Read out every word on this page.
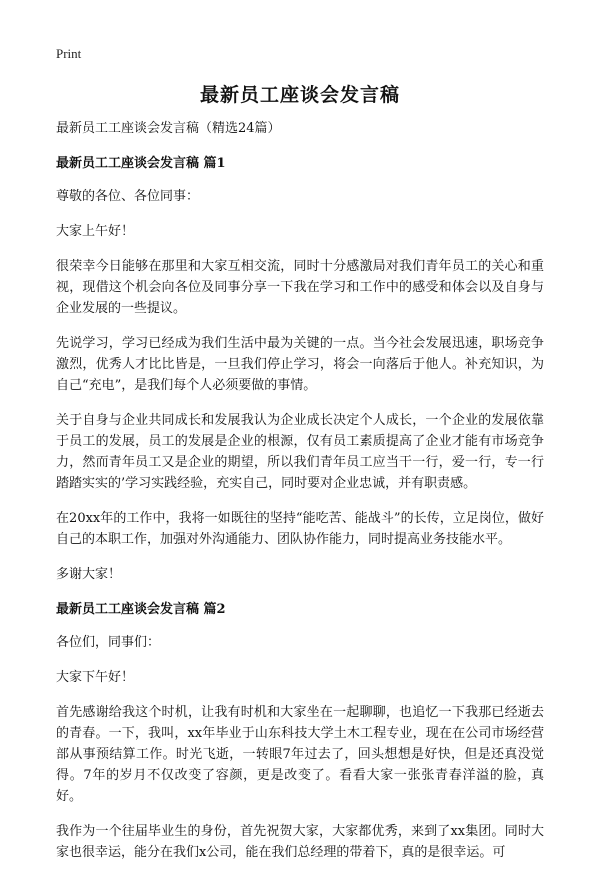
Print
最新员工座谈会发言稿

最新员工工座谈会发言稿（精选24篇）

最新员工工座谈会发言稿 篇1

尊敬的各位、各位同事：

大家上午好！

很荣幸今日能够在那里和大家互相交流，同时十分感激局对我们青年员工的关心和重视，现借这个机会向各位及同事分享一下我在学习和工作中的感受和体会以及自身与企业发展的一些提议。

先说学习，学习已经成为我们生活中最为关键的一点。当今社会发展迅速，职场竞争激烈，优秀人才比比皆是，一旦我们停止学习，将会一向落后于他人。补充知识，为自己“充电”，是我们每个人必须要做的事情。

关于自身与企业共同成长和发展我认为企业成长决定个人成长，一个企业的发展依靠于员工的发展，员工的发展是企业的根源，仅有员工素质提高了企业才能有市场竞争力，然而青年员工又是企业的期望，所以我们青年员工应当干一行，爱一行，专一行踏踏实实的’学习实践经验，充实自己，同时要对企业忠诚，并有职责感。

在20xx年的工作中，我将一如既往的坚持“能吃苦、能战斗”的长传，立足岗位，做好自己的本职工作，加强对外沟通能力、团队协作能力，同时提高业务技能水平。

多谢大家！

最新员工工座谈会发言稿 篇2

各位们，同事们：

大家下午好！

首先感谢给我这个时机，让我有时机和大家坐在一起聊聊，也追忆一下我那已经逝去的青春。一下，我叫，xx年毕业于山东科技大学土木工程专业，现在在公司市场经营部从事预结算工作。时光飞逝，一转眼7年过去了，回头想想是好快，但是还真没觉得。7年的岁月不仅改变了容颜，更是改变了。看看大家一张张青春洋溢的脸，真好。

我作为一个往届毕业生的身份，首先祝贺大家，大家都优秀，来到了xx集团。同时大家也很幸运，能分在我们x公司，能在我们总经理的带着下，真的是很幸运。可
